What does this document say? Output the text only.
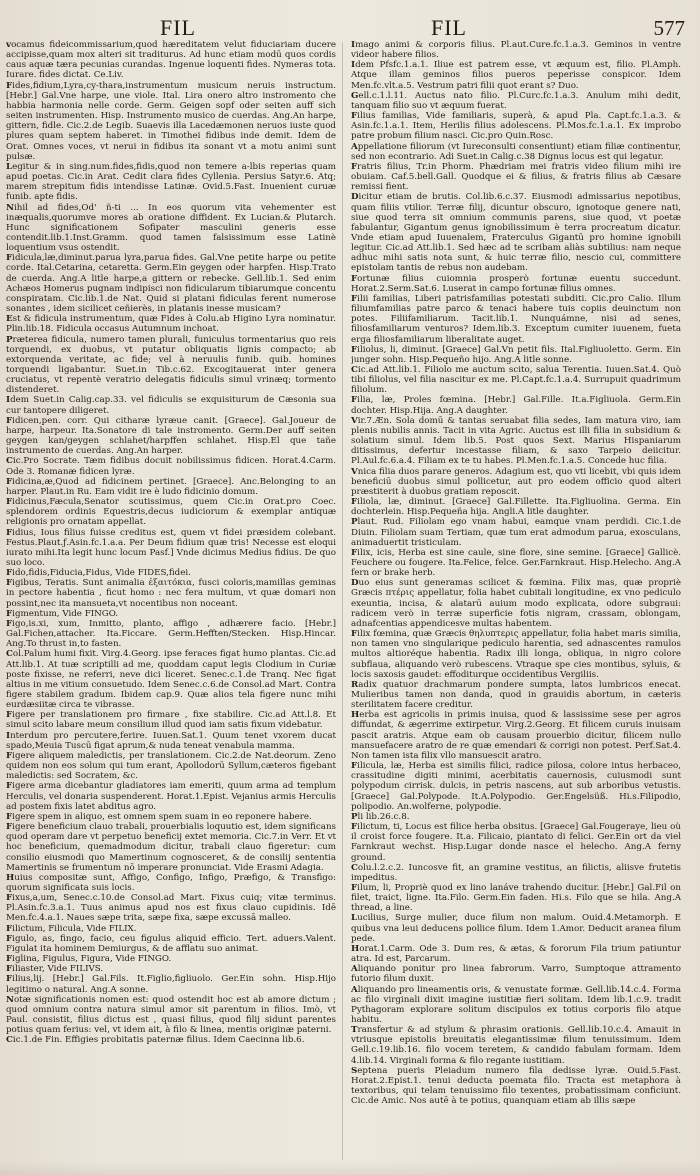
FIL	FIL	577
vocamus fideicommissarium,quod hæreditatem velut fiduciariam ducere accipisse,quam mox alteri sit traditurus. Ad hunc etiam modū quos cordis caus aquæ tæra pecunias curandas. Ingenue loquenti fides. Nymeras tota. Iurare. fides dictat. Ce.Liv.
Fides,fidium,Lyra,cy-thara,instrumentum musicum neruis instructum. [Hebr.] Gal.Vne harpe, une viole. Ital. Lira onero altro instromento che habbia harmonia nelle corde. Germ. Geigen sopf oder seiten auff sich seiten instrumenten. Hisp. Instrumento musico de cuerdas. Ang.An harpe, gittern, fidle. Cic.2.de Legib. Suaevis illa Lacedæmonen neruos iuste quod plures quam septem haberet. in Timothei fidibus inde demit. Idem de Orat. Omnes voces, vt nerui in fidibus ita sonant vt a motu animi sunt pulsæ.
Legitur & in sing.num.fides,fidis,quod non temere a-lbis reperias quam apud poetas. Cic.in Arat. Cedit clara fides Cyllenia. Persius Satyr.6. Atq; marem strepitum fidis intendisse Latinæ. Ovid.5.Fast. Inuenient curuæ funib. apte fidis.
Nihil ad fides,Od' ñ-ti ... In eos quorum vita vehementer est inæqualis,quorumve mores ab oratione diffident. Ex Lucian.& Plutarch. Hunc significationem Sofipater masculini generis esse contendit.lib.1.Inst.Gramm. quod tamen falsissimum esse Latinè loquentium vsus ostendit.
Fidicula,læ,diminut.parua lyra,parua fides. Gal.Vne petite harpe ou petite corde. Ital.Cetarina, cetaretta. Germ.Ein geygen oder harpfen. Hisp.Trato de cuerda. Ang.A litle harpe,a gittern or rebecke. Gell.lib.1. Sed enim Achæos Homerus pugnam indipisci non fidicularum tibiarumque concentu conspiratam. Cic.lib.1.de Nat. Quid si platani fidiculas ferent numerose sonantes , idem sicilicet ceñierès, in platanis inesse musicam?
Est & fidicula instrumentum, quæ Fides à Colu.ab Higino Lyra nominatur. Plin.lib.18. Fidicula occasus Autumnum inchoat.
Præterea fidicula, numero tamen plurali, funiculus tormentarius quo reis torquendi, ex duobus, vt putatur obliquatis lignis compacto; ab extorquenda veritate, ac fide; vel à neruulis funib. quib. homines torquendi ligabantur. Suet.in Tib.c.62. Excogitauerat inter genera cruciatus, vt repentè veratrio delegatis fidiculis simul vrinæq; tormento distenderet.
Idem Suet.in Calig.cap.33. vel fidiculis se exquisiturum de Cæsonia sua cur tantopere diligeret.
Fidicen,pen. corr. Qui citharæ lyræue canit. [Graece]. Gal.Joueur de harpe, harpeur. Ita.Sonatore di tale instromento. Germ.Der auff seiten geygen kan/geygen schlahet/harpffen schlahet. Hisp.El que tañe instrumento de cuerdas. Ang.An harper.
Cic.Pro Socrate. Tæm fidibus docuit nobilissimus fidicen. Horat.4.Carm. Ode 3. Romanæ fidicen lyræ.
Fidicina,æ,Quod ad fidicinem pertinet. [Graece]. Anc.Belonging to an harper. Plaut.in Ru. Eam vidit ire è ludo fidicinio domum.
Fidicinus,Fæcula,Senator scutissimus, quem Cic.in Orat.pro Coec. splendorem ordinis Equestris,decus iudiciorum & exemplar antiquæ religionis pro ornatam appellat.
Fidius, Ious filius fuisse creditus est, quem vt fidei præsidem colebant. Festus.Plaut.ƒ.Asin.fc.1.a.a. Per Deum fidium quæ tris! Necesse est eloqui iurato mihi.Ita legit hunc locum Pasf.] Vnde dicimus Medius fidius. De quo suo loco.
Fido,fidis,Fiducia,Fidus, Vide FIDES,fidei.
Figibus, Teratis. Sunt animalia ἐξαιτόκια, fusci coloris,mamillas geminas in pectore habentia , ficut homo : nec fera multum, vt quæ domari non possint,nec ita mansueta,vt nocentibus non noceant.
Figmentum, Vide FINGO.
Figo,is.xi, xum, Inmitto, planto, affigo , adhærere facio. [Hebr.] Gal.Fichen,attacher. Ita.Ficcare. Germ.Hefften/Stecken. Hisp.Hincar. Ang.To thrust in,to fasten.
Col.Palum humi fixit. Virg.4.Georg. ipse feraces figat humo plantas. Cic.ad Att.lib.1. At tuæ scriptilli ad me, quoddam caput legis Clodium in Curiæ poste fixisse, ne referri, neve dici liceret. Senec.c.1.de Tranq. Nec figat altius in me vitium consuetudo. Idem Senec.c.6.de Consol.ad Mart. Contra figere stabilem gradum. Ibidem cap.9. Quæ alios tela figere nunc mihi eurdæsiitæ circa te vibrasse.
Figere per translationem pro firmare , fixe stabilire. Cic.ad Att.l.8. Et simul scito labare meum consilium illud quod iam satis fixum videbatur.
Interdum pro percutere,ferire. Iuuen.Sat.1. Quum tenet vxorem ducat spado,Meuia Tuscū figat aprum,& nuda teneat venabula mamma.
Figere aliquem maledictis, per translationem. Cic.2.de Nat.deorum. Zeno quidem non eos solum qui tum erant, Apollodorū Syllum,cæteros figebant maledictis: sed Socratem, &c.
Figere arma dicebantur gladiatores iam emeriti, quum arma ad templum Herculis, vel donaria suspenderent. Horat.1.Epist. Vejanius armis Herculis ad postem fixis latet abditus agro.
Figere spem in aliquo, est omnem spem suam in eo reponere habere.
Figere beneficium clauo trabali, prouerbialis loquutio est, idem significans quod operam dare vt perpetuo beneficij extet memoria. Cic.7.in Verr. Et vt hoc beneficium, quemadmodum dicitur, trabali clauo figeretur: cum consilio eiusmodi quo Mamertinum cognosceret, & de consilij sententia Mamertinis se frumentum nō imperare pronunciat. Vide Erasmi Adagia.
Huius compositæ sunt, Affigo, Configo, Infigo, Præfigo, & Transfigo: quorum significata suis locis.
Fixus,a,um, Senec.c.10.de Consol.ad Mart. Fixus cuiq; vitæ terminus. Pl.Asin.fc.3.a.1. Tuus animus apud nos est fixus clauo cupidinis. Idē Men.fc.4.a.1. Naues sæpe trita, sæpe fixa, sæpe excussā malleo.
Filictum, Filicula, Vide FILIX.
Figulo, as, fingo, facio, ceu figulus aliquid efficio. Tert. aduers.Valent. Figulat ita hominem Demiurgus, & de afflatu suo animat.
Figlina, Figulus, Figura, Vide FINGO.
Filiaster, Vide FILIVS.
Filius,lij. [Hebr.] Gal.Fils. It.Figlio,figliuolo. Ger.Ein sohn. Hisp.Hijo legitimo o natural. Ang.A sonne.
Notæ significationis nomen est: quod ostendit hoc est ab amore dictum ; quod omnium contra natura simul amor sit parentum in filios. Imò, vt Paul. consistit, filius dictus est , quasi filius, quod filij sidunt parentes potius quam ferius: vel, vt idem ait, à filo & linea, mentis originæ paterni.
Cic.1.de Fin. Effigies probitatis paternæ filius. Idem Caecinna lib.6.
Imago animi & corporis filius. Pl.aut.Cure.fc.1.a.3. Geminos in ventre videor habere filios.
Idem Pfsfc.1.a.1. Iliue est patrem esse, vt æquum est, filio. Pl.Amph. Atque illam geminos filios pueros peperisse conspicor. Idem Men.fc.vlt.a.5. Vestrum patri filii quot erant s? Duo.
Gell.c.1.l.11. Auctus nato filio. Pl.Curc.fc.1.a.3. Anulum mihi dedit, tanquam filio suo vt æquum fuerat.
Filius familias, Vide familiaris, superà, & apud Pla. Capt.fc.1.a.3. & Asin.fc.1.a.1. Item, Herilis filius adolescens. Pl.Mos.fc.1.a.1. Ex improbo patre probum filium nasci. Cic.pro Quin.Rosc.
Appellatione filiorum (vt Iureconsulti consentiunt) etiam filiæ continentur, sed non econtrario. Adi Suet.in Calig.c.38 Dignus locus est qui legatur.
Fratris filius, Tr.in Phorm. Phædriam mei fratris video filium mihi ire obuiam. Caf.5.bell.Gall. Quodque ei & filius, & fratris filius ab Cæsare remissi fient.
Dicitur etiam de brutis. Col.lib.6.c.37. Eiusmodi admissarius nepotibus, quam filiis vtilior. Terræ filij, dicuntur obscuro, ignotoque genere nati, siue quod terra sit omnium communis parens, siue quod, vt poetæ fabulantur, Gigantum genus ignobilissimum è terra procreatum dicatur. Vnde etiam apud Iuuenalem, Fraterculus Gigantū pro homine ignobili legitur. Cic.ad Att.lib.1. Sed hæc ad te scribam aliàs subtilius: nam neque adhuc mihi satis nota sunt, & huic terræ filio, nescio cui, committere epistolam tantis de rebus non audebam.
Fortunæ filius cuiomnia prosperò fortunæ euentu succedunt. Horat.2.Serm.Sat.6. Luserat in campo fortunæ filius omnes.
Filii familias, Liberi patrisfamilias potestati subditi. Cic.pro Calio. Illum filiumfamilias patre parco & tenaci habere tuis copiis deuinctum non potes. Filiifamiliarum. Tacit.lib.1. Nunquámne, nisi ad senes, filiosfamiliarum venturos? Idem.lib.3. Exceptum cumiter iuuenem, fueta erga filiosfamiliarum liberalitate auget.
Filiolus, li, diminut. [Graece] Gal.Vn petit fils. Ital.Figliuoletto. Germ. Ein junger sohn. Hisp.Pequeño hijo. Ang.A litle sonne.
Cic.ad Att.lib.1. Filiolo me auctum scito, salua Terentia. Iuuen.Sat.4. Quò tibi filiolus, vel filia nascitur ex me. Pl.Capt.fc.1.a.4. Surrupuit quadrimum filiolum.
Filia, læ, Proles fœmina. [Hebr.] Gal.Fille. It.a.Figliuola. Germ.Ein dochter. Hisp.Hija. Ang.A daughter.
Vir.7.Æn. Sola domū & tantas seruabat filia sedes, Iam matura viro, iam plenis nubilis annis. Tacit in vita Agric. Auctus est illi filia in subsidium & solatium simul. Idem lib.5. Post quos Sext. Marius Hispaniarum ditissimus, defertur incestasse filiam, & saxo Tarpeio deiicitur. Pl.Aul.fc.6.a.4. Filiam ex te tu habes. Pl.Men.fc.1.a.5. Concede huc filia.
Vnica filia duos parare generos. Adagium est, quo vti licebit, vbi quis idem beneficiū duobus simul pollicetur, aut pro eodem officio quod alteri præstiterit à duobus gratiam reposcit.
Filiola, læ, diminut. [Graece] Gal.Fillette. Ita.Figliuolina. Germa. Ein dochterlein. Hisp.Pequeña hija. Angli.A litle daughter.
Plaut. Rud. Filiolam ego vnam habui, eamque vnam perdidi. Cic.1.de Diuin. Filiolam suam Tertiam, quæ tum erat admodum parua, exosculans, animaduertit tristiculam.
Filix, icis, Herba est sine caule, sine flore, sine semine. [Graece] Gallicè. Feuchere ou fougere. Ita.Felice, felce. Ger.Farnkraut. Hisp.Helecho. Ang.A fern or brake herb.
Duo eius sunt generamas scilicet & fœmina. Filix mas, quæ propriè Græcis πτέρις appellatur, folia habet cubitali longitudine, ex vno pediculo exeuntia, incisa, & alatarū auium modo explicata, odore subgraui: radicem verò in terræ superficie fotis nigram, crassam, oblongam, adnafcentias appendicesve multas habentem.
Filix fœmina, quæ Græcis θηλυπτερις appellatur, folia habet maris similia, non tamen vno singularique pediculo harentia, sed adnascentes ramulos multos altioréque habentia. Radix illi longa, obliqua, in nigro colore subflaua, aliquando verò rubescens. Vtraque spe cies montibus, syluis, & locis saxosis gaudet: effoditurque occidentibus Vergiliis.
Radix quatuor drachmarum pondere sumpta, latos lumbricos enecat. Mulieribus tamen non danda, quod in grauidis abortum, in cæteris sterilitatem facere creditur.
Herba est agricolis in primis inuisa, quod & lassissime sese per agros diffundat, & ægerrime extirpetur. Virg.2.Georg. Et filicem curuis inuisam pascit aratris. Atque eam ob causam prouerbio dicitur, filicem nullo mansuefacere aratro de re quæ emendari & corrigi non potest. Perf.Sat.4. Non tamen ista filix vllo mansuescit aratro.
Filicula, læ, Herba est similis filici, radice pilosa, colore intus herbaceo, crassitudine digiti minimi, acerbitatis cauernosis, cuiusmodi sunt polypodum cirrisk. dulcis, in petris nascens, aut sub arboribus vetustis. [Graece] Gal.Polypode. It.A.Polypodio. Ger.Engelsüß. Hi.s.Filipodio, polipodio. An.wolferne, polypodie.
Pli lib.26.c.8.
Filictum, ti, Locus est filice herba obsitus. [Graece] Gal.Fougeraye, lieu où il croist force fougere. It.a. Filicaio, piantato di felici. Ger.Ein ort da viel Farnkraut wechst. Hisp.Lugar donde nasce el helecho. Ang.A ferny ground.
Colu.l.2.c.2. Iuncosve fit, an gramine vestitus, an filictis, aliisve frutetis impeditus.
Filum, li, Propriè quod ex lino lanáve trahendo ducitur. [Hebr.] Gal.Fil on filet, traict, ligne. Ita.Filo. Germ.Ein faden. Hi.s. Filo que se hila. Ang.A thread, a line.
Lucilius, Surge mulier, duce filum non malum. Ouid.4.Metamorph. E quibus vna leui deducens pollice filum. Idem 1.Amor. Deducit aranea filum pede.
Horat.1.Carm. Ode 3. Dum res, & ætas, & fororum Fila trium patiuntur atra. Id est, Parcarum.
Aliquando ponitur pro linea fabrorum. Varro, Sumptoque attramento futorio filum duxit.
Aliquando pro lineamentis oris, & venustate formæ. Gell.lib.14.c.4. Forma ac filo virginali dixit imagine iustitiæ fieri solitam. Idem lib.1.c.9. tradit Pythagoram explorare solitum discipulos ex totius corporis filo atque habitu.
Transfertur & ad stylum & phrasim orationis. Gell.lib.10.c.4. Amauit in vtriusque epistolis breuitatis elegantissimæ filum tenuissimum. Idem Gell.c.19.lib.16. filo vocem teretem, & candido fabulam formam. Idem 4.lib.14. Virginali forma & filo regante iustitiam.
Septena pueris Pleiadum numero fila dedisse lyræ. Ouid.5.Fast. Horat.2.Epist.1. tenui deducta poemata filo. Tracta est metaphora à textoribus, qui telam tenuissimo filo texentes, probatissimam conficiunt. Cic.de Amic. Nos autē à te potius, quanquam etiam ab illis sæpe
